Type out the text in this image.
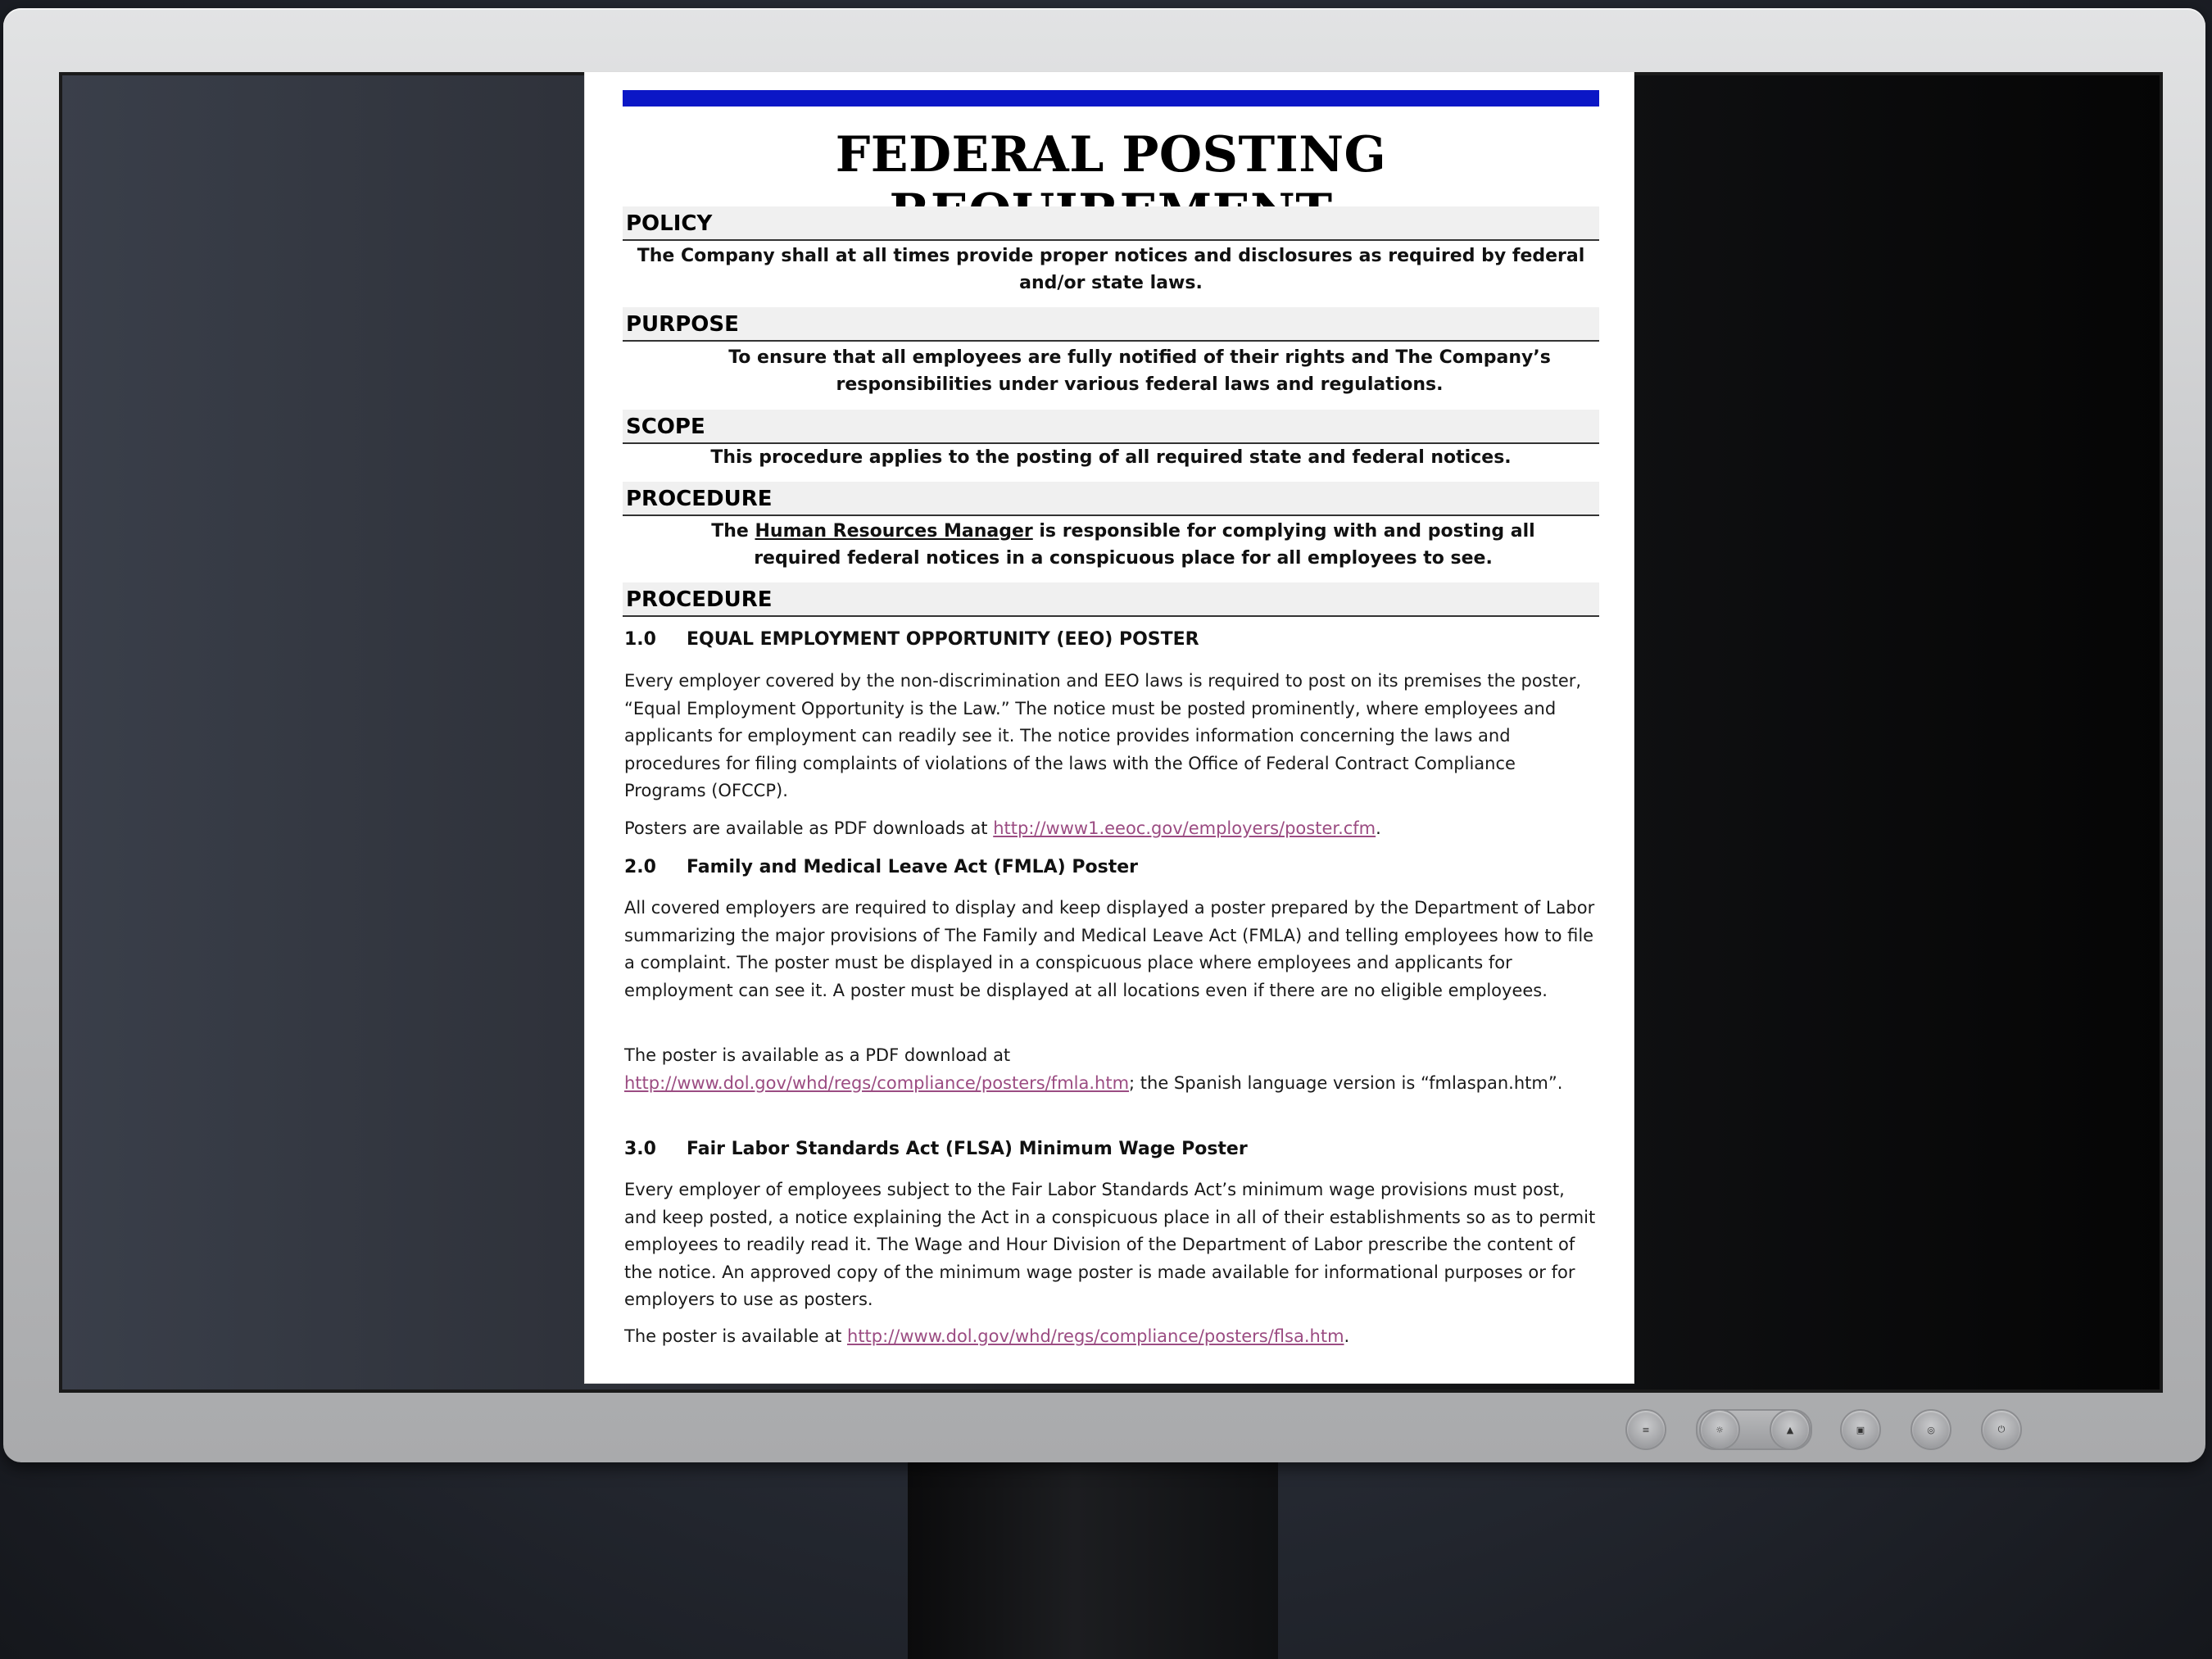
≡	☼	▲	▣	◎	⏻
FEDERAL POSTING
POLICY

The Company shall at all times provide proper notices and disclosures as required by federal and/or state laws.

PURPOSE

To ensure that all employees are fully notified of their rights and The Company’s responsibilities under various federal laws and regulations.

SCOPE

This procedure applies to the posting of all required state and federal notices.

PROCEDURE

The Human Resources Manager is responsible for complying with and posting all required federal notices in a conspicuous place for all employees to see.

PROCEDURE
1.0 EQUAL EMPLOYMENT OPPORTUNITY (EEO) POSTER

Every employer covered by the non-discrimination and EEO laws is required to post on its premises the poster, “Equal Employment Opportunity is the Law.” The notice must be posted prominently, where employees and applicants for employment can readily see it. The notice provides information concerning the laws and procedures for filing complaints of violations of the laws with the Office of Federal Contract Compliance Programs (OFCCP).

Posters are available as PDF downloads at http://www1.eeoc.gov/employers/poster.cfm.

2.0 Family and Medical Leave Act (FMLA) Poster

All covered employers are required to display and keep displayed a poster prepared by the Department of Labor summarizing the major provisions of The Family and Medical Leave Act (FMLA) and telling employees how to file a complaint. The poster must be displayed in a conspicuous place where employees and applicants for employment can see it. A poster must be displayed at all locations even if there are no eligible employees.

The poster is available as a PDF download at
http://www.dol.gov/whd/regs/compliance/posters/fmla.htm; the Spanish language version is “fmlaspan.htm”.

3.0 Fair Labor Standards Act (FLSA) Minimum Wage Poster

Every employer of employees subject to the Fair Labor Standards Act’s minimum wage provisions must post, and keep posted, a notice explaining the Act in a conspicuous place in all of their establishments so as to permit employees to readily read it. The Wage and Hour Division of the Department of Labor prescribe the content of the notice. An approved copy of the minimum wage poster is made available for informational purposes or for employers to use as posters.

The poster is available at http://www.dol.gov/whd/regs/compliance/posters/flsa.htm.
